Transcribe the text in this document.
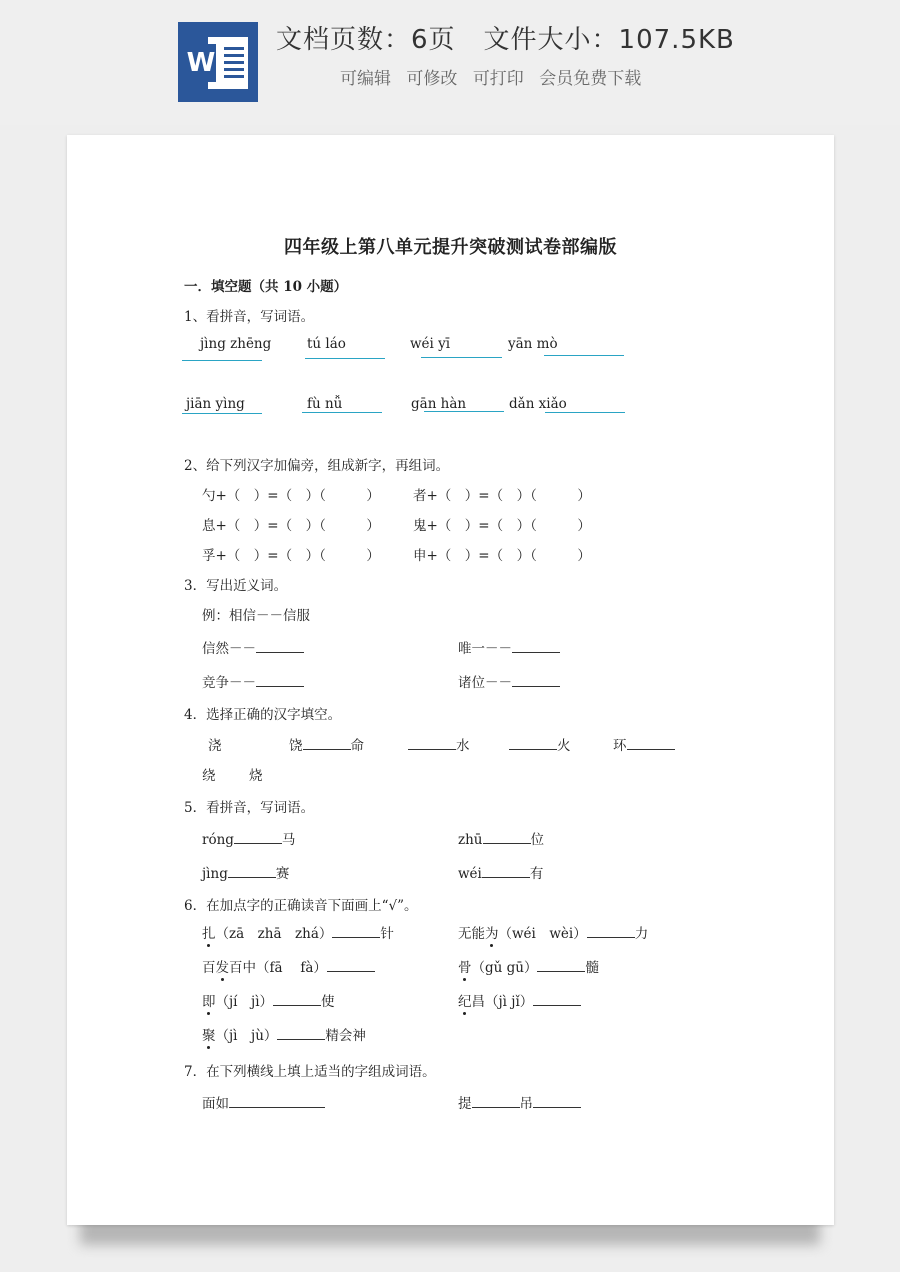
W
文档页数：6页 文件大小：107.5KB
可编辑 可修改 可打印 会员免费下载
四年级上第八单元提升突破测试卷部编版
一．填空题（共 10 小题）
1、看拼音，写词语。
jìng zhēng	tú láo	wéi yī	yān mò
jiān yìng	fù nǚ	gān hàn	dǎn xiǎo
2、给下列汉字加偏旁，组成新字，再组词。
勺+（　）=（　）（　　　） 者+（　）=（　）（　　　）
息+（　）=（　）（　　　） 鬼+（　）=（　）（　　　）
孚+（　）=（　）（　　　） 申+（　）=（　）（　　　）
3．写出近义词。
例：相信－－信服
信然－－	唯一－－
竞争－－	诸位－－
4．选择正确的汉字填空。
浇	饶	命	水	火	环
绕 烧
5．看拼音，写词语。
róng	马	zhū	位
jìng	赛	wéi	有
6．在加点字的正确读音下面画上“√”。
扎（zā　zhā　zhá）	针	无能为（wéi　wèi）	力
百发百中（fā　 fà）	骨（gǔ gū）	髓
即（jí　jì）	使	纪昌（jì jǐ）
聚（jì　jù）	精会神
7．在下列横线上填上适当的字组成词语。
面如	提	吊
